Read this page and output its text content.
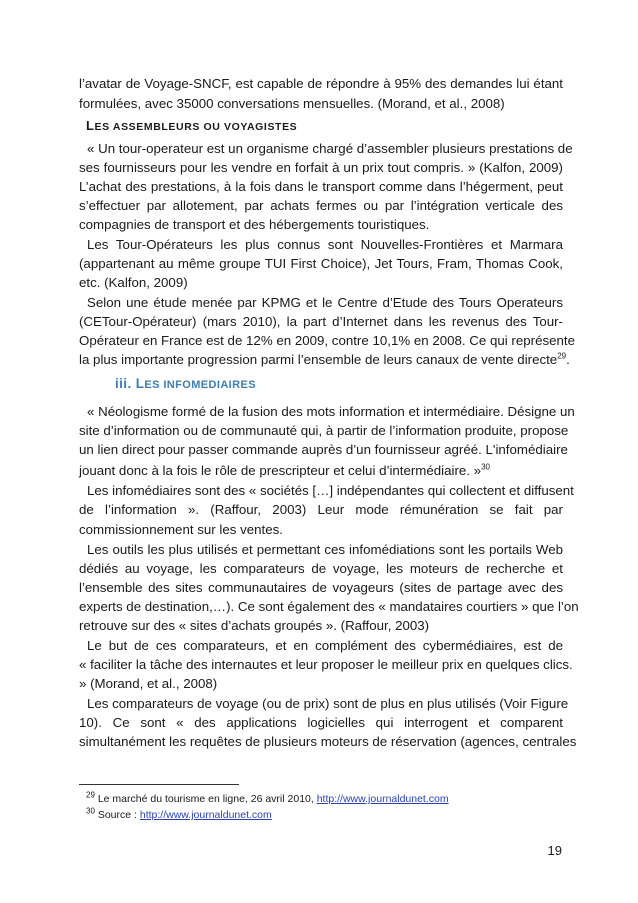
l’avatar de Voyage-SNCF, est capable de répondre à 95% des demandes lui étant
formulées, avec 35000 conversations mensuelles. (Morand, et al., 2008)
LES ASSEMBLEURS OU VOYAGISTES
« Un tour-operateur est un organisme chargé d’assembler plusieurs prestations de
ses fournisseurs pour les vendre en forfait à un prix tout compris. » (Kalfon, 2009)
L’achat des prestations, à la fois dans le transport comme dans l’hégerment, peut
s’effectuer par allotement, par achats fermes ou par l’intégration verticale des
compagnies de transport et des hébergements touristiques.
Les Tour-Opérateurs les plus connus sont Nouvelles-Frontières et Marmara
(appartenant au même groupe TUI First Choice), Jet Tours, Fram, Thomas Cook,
etc. (Kalfon, 2009)
Selon une étude menée par KPMG et le Centre d’Etude des Tours Operateurs
(CETour-Opérateur) (mars 2010), la part d’Internet dans les revenus des Tour-
Opérateur en France est de 12% en 2009, contre 10,1% en 2008. Ce qui représente
la plus importante progression parmi l’ensemble de leurs canaux de vente directe$^{29}$.
iii. LES INFOMEDIAIRES
« Néologisme formé de la fusion des mots information et intermédiaire. Désigne un
site d’information ou de communauté qui, à partir de l’information produite, propose
un lien direct pour passer commande auprès d’un fournisseur agréé. L'infomédiaire
jouant donc à la fois le rôle de prescripteur et celui d’intermédiaire. »$^{30}$
Les infomédiaires sont des « sociétés […] indépendantes qui collectent et diffusent
de l’information ». (Raffour, 2003) Leur mode rémunération se fait par
commissionnement sur les ventes.
Les outils les plus utilisés et permettant ces infomédiations sont les portails Web
dédiés au voyage, les comparateurs de voyage, les moteurs de recherche et
l’ensemble des sites communautaires de voyageurs (sites de partage avec des
experts de destination,…). Ce sont également des « mandataires courtiers » que l’on
retrouve sur des « sites d’achats groupés ». (Raffour, 2003)
Le but de ces comparateurs, et en complément des cybermédiaires, est de
« faciliter la tâche des internautes et leur proposer le meilleur prix en quelques clics.
» (Morand, et al., 2008)
Les comparateurs de voyage (ou de prix) sont de plus en plus utilisés (Voir Figure
10). Ce sont « des applications logicielles qui interrogent et comparent
simultanément les requêtes de plusieurs moteurs de réservation (agences, centrales
$^{29}$ Le marché du tourisme en ligne, 26 avril 2010, http://www.journaldunet.com
$^{30}$ Source : http://www.journaldunet.com
19
